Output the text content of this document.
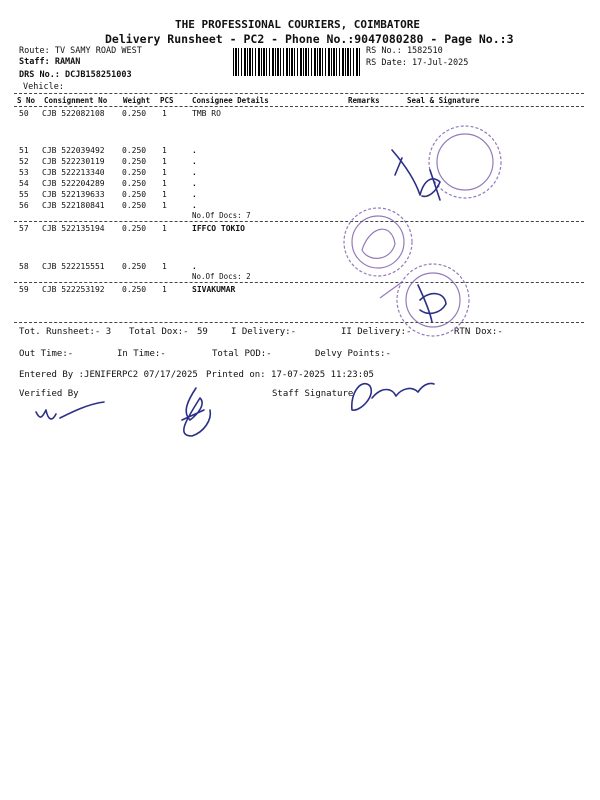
THE PROFESSIONAL COURIERS, COIMBATORE
Delivery Runsheet - PC2 - Phone No.:9047080280 - Page No.:3
Route: TV SAMY ROAD WEST
Staff: RAMAN
DRS No.: DCJB158251003
Vehicle:
RS No.: 1582510
RS Date: 17-Jul-2025
S No Consignment No Weight PCS Consignee Details	Remarks	Seal & Signature
50 CJB 522082108 0.250 1	TMB RO
51 CJB 522039492 0.250 1	.
52 CJB 522230119 0.250 1	.
53 CJB 522213340 0.250 1	.
54 CJB 522204289 0.250 1	.
55 CJB 522139633 0.250 1	.
56 CJB 522180841 0.250 1	.
No.Of Docs: 7
57 CJB 522135194 0.250 1	IFFCO TOKIO
58 CJB 522215551 0.250 1	.
No.Of Docs: 2
59 CJB 522253192 0.250 1	SIVAKUMAR
Tot. Runsheet:- 3 Total Dox:- 59	I Delivery:-	II Delivery:-	RTN Dox:-
Out Time:-	In Time:-	Total POD:-	Delvy Points:-
Entered By :JENIFERPC2 07/17/2025 Printed on: 17-07-2025 11:23:05
Verified By	Staff Signature
